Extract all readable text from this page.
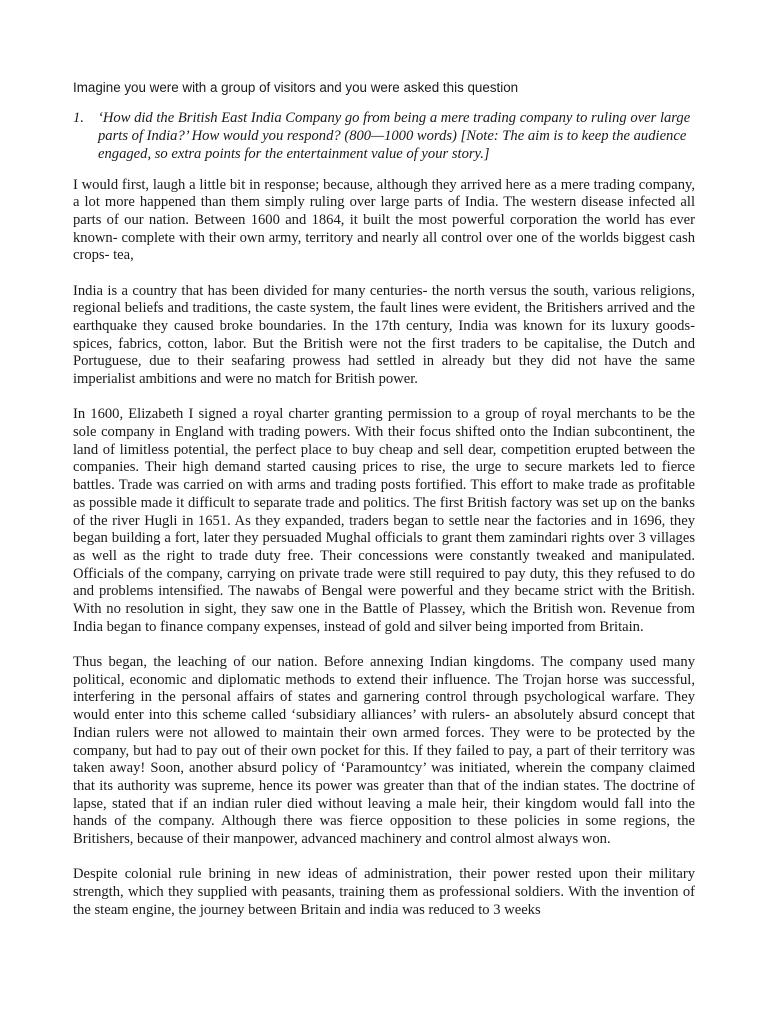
Imagine you were with a group of visitors and you were asked this question

1. ‘How did the British East India Company go from being a mere trading company to ruling over large parts of India?’ How would you respond? (800—1000 words) [Note: The aim is to keep the audience engaged, so extra points for the entertainment value of your story.]

I would first, laugh a little bit in response; because, although they arrived here as a mere trading company, a lot more happened than them simply ruling over large parts of India. The western disease infected all parts of our nation. Between 1600 and 1864, it built the most powerful corporation the world has ever known- complete with their own army, territory and nearly all control over one of the worlds biggest cash crops- tea,

India is a country that has been divided for many centuries- the north versus the south, various religions, regional beliefs and traditions, the caste system, the fault lines were evident, the Britishers arrived and the earthquake they caused broke boundaries. In the 17th century, India was known for its luxury goods- spices, fabrics, cotton, labor. But the British were not the first traders to be capitalise, the Dutch and Portuguese, due to their seafaring prowess had settled in already but they did not have the same imperialist ambitions and were no match for British power.

In 1600, Elizabeth I signed a royal charter granting permission to a group of royal merchants to be the sole company in England with trading powers. With their focus shifted onto the Indian subcontinent, the land of limitless potential, the perfect place to buy cheap and sell dear, competition erupted between the companies. Their high demand started causing prices to rise, the urge to secure markets led to fierce battles. Trade was carried on with arms and trading posts fortified. This effort to make trade as profitable as possible made it difficult to separate trade and politics. The first British factory was set up on the banks of the river Hugli in 1651. As they expanded, traders began to settle near the factories and in 1696, they began building a fort, later they persuaded Mughal officials to grant them zamindari rights over 3 villages as well as the right to trade duty free. Their concessions were constantly tweaked and manipulated. Officials of the company, carrying on private trade were still required to pay duty, this they refused to do and problems intensified. The nawabs of Bengal were powerful and they became strict with the British. With no resolution in sight, they saw one in the Battle of Plassey, which the British won. Revenue from India began to finance company expenses, instead of gold and silver being imported from Britain.

Thus began, the leaching of our nation. Before annexing Indian kingdoms. The company used many political, economic and diplomatic methods to extend their influence. The Trojan horse was successful, interfering in the personal affairs of states and garnering control through psychological warfare. They would enter into this scheme called ‘subsidiary alliances’ with rulers- an absolutely absurd concept that Indian rulers were not allowed to maintain their own armed forces. They were to be protected by the company, but had to pay out of their own pocket for this. If they failed to pay, a part of their territory was taken away! Soon, another absurd policy of ‘Paramountcy’ was initiated, wherein the company claimed that its authority was supreme, hence its power was greater than that of the indian states. The doctrine of lapse, stated that if an indian ruler died without leaving a male heir, their kingdom would fall into the hands of the company. Although there was fierce opposition to these policies in some regions, the Britishers, because of their manpower, advanced machinery and control almost always won.

Despite colonial rule brining in new ideas of administration, their power rested upon their military strength, which they supplied with peasants, training them as professional soldiers. With the invention of the steam engine, the journey between Britain and india was reduced to 3 weeks
